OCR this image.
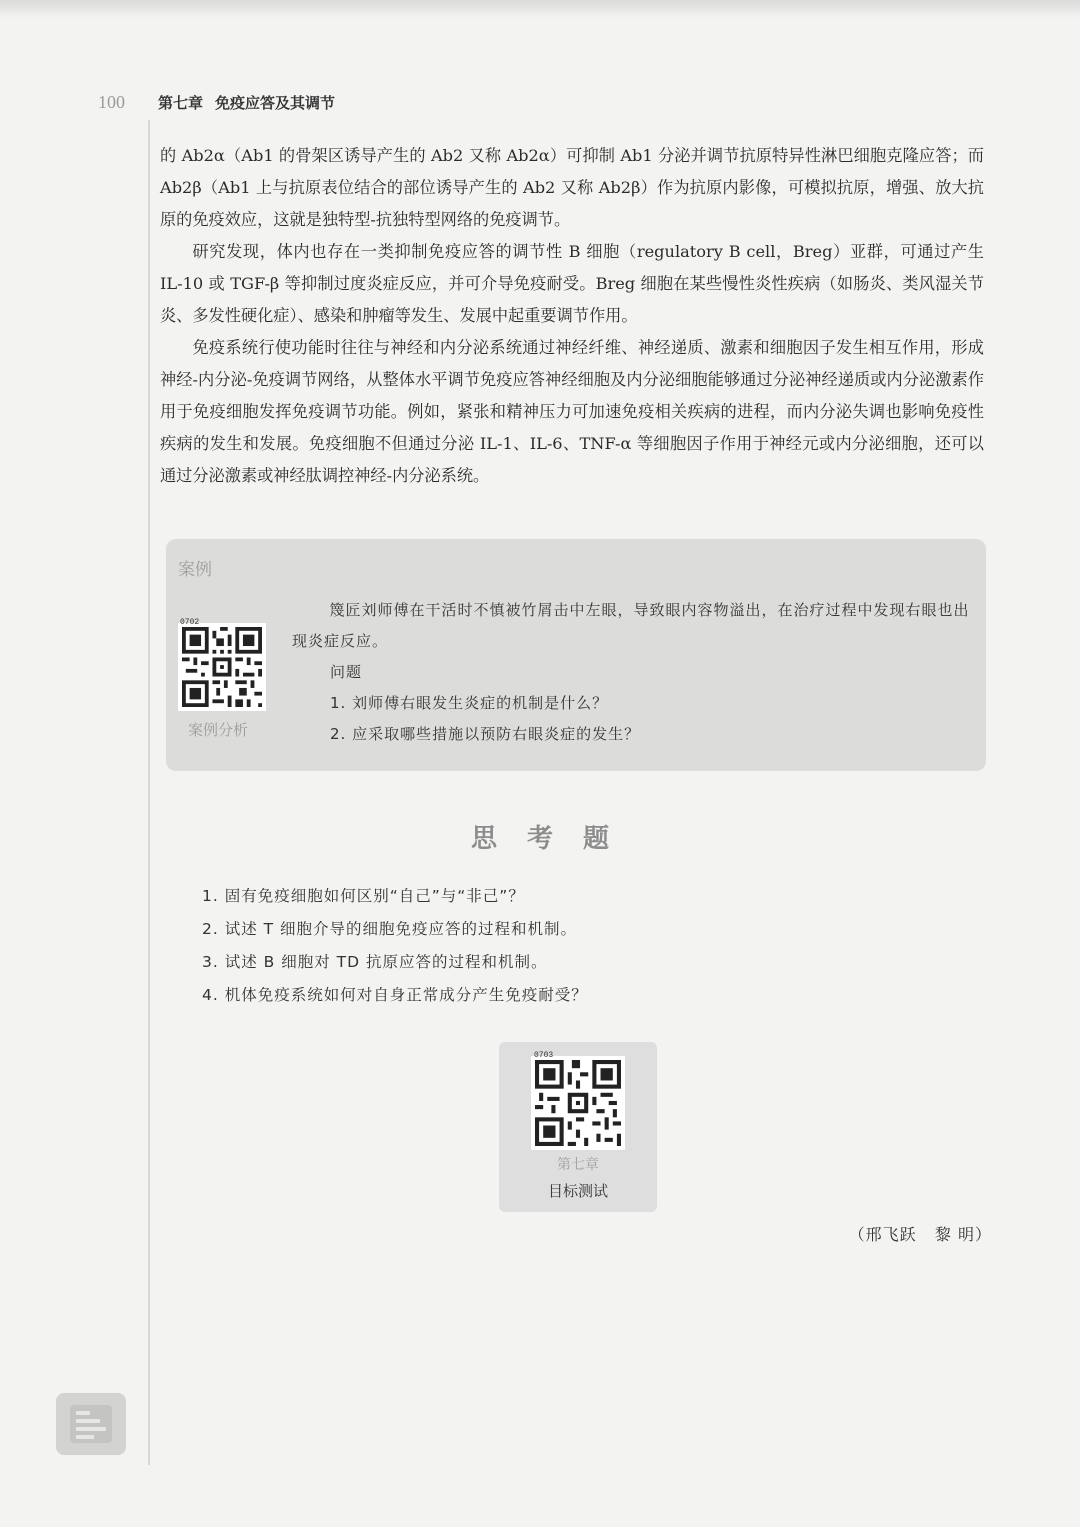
100	第七章 免疫应答及其调节

的 Ab2α（Ab1 的骨架区诱导产生的 Ab2 又称 Ab2α）可抑制 Ab1 分泌并调节抗原特异性淋巴细胞克隆应答；而 Ab2β（Ab1 上与抗原表位结合的部位诱导产生的 Ab2 又称 Ab2β）作为抗原内影像，可模拟抗原，增强、放大抗原的免疫效应，这就是独特型-抗独特型网络的免疫调节。

研究发现，体内也存在一类抑制免疫应答的调节性 B 细胞（regulatory B cell，Breg）亚群，可通过产生 IL-10 或 TGF-β 等抑制过度炎症反应，并可介导免疫耐受。Breg 细胞在某些慢性炎性疾病（如肠炎、类风湿关节炎、多发性硬化症）、感染和肿瘤等发生、发展中起重要调节作用。

免疫系统行使功能时往往与神经和内分泌系统通过神经纤维、神经递质、激素和细胞因子发生相互作用，形成神经-内分泌-免疫调节网络，从整体水平调节免疫应答神经细胞及内分泌细胞能够通过分泌神经递质或内分泌激素作用于免疫细胞发挥免疫调节功能。例如，紧张和精神压力可加速免疫相关疾病的进程，而内分泌失调也影响免疫性疾病的发生和发展。免疫细胞不但通过分泌 IL-1、IL-6、TNF-α 等细胞因子作用于神经元或内分泌细胞，还可以通过分泌激素或神经肽调控神经-内分泌系统。

案例
0702
案例分析

篾匠刘师傅在干活时不慎被竹屑击中左眼，导致眼内容物溢出，在治疗过程中发现右眼也出现炎症反应。

问题

1. 刘师傅右眼发生炎症的机制是什么？

2. 应采取哪些措施以预防右眼炎症的发生？

思考题
1. 固有免疫细胞如何区别“自己”与“非己”？
2. 试述 T 细胞介导的细胞免疫应答的过程和机制。
3. 试述 B 细胞对 TD 抗原应答的过程和机制。
4. 机体免疫系统如何对自身正常成分产生免疫耐受？
0703
第七章
目标测试
（邢飞跃   黎 明）
